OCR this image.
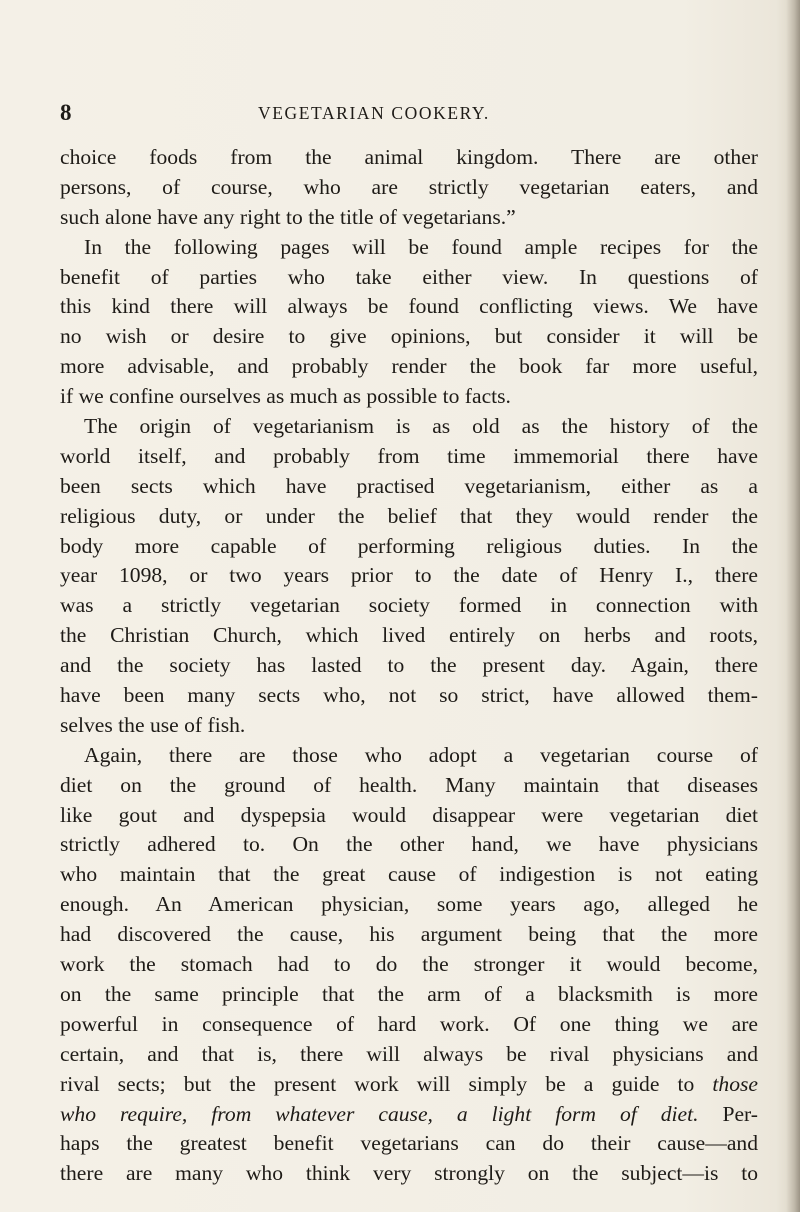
8	VEGETARIAN COOKERY.
choice foods from the animal kingdom. There are other
persons, of course, who are strictly vegetarian eaters, and
such alone have any right to the title of vegetarians.”
In the following pages will be found ample recipes for the
benefit of parties who take either view. In questions of
this kind there will always be found conflicting views. We have
no wish or desire to give opinions, but consider it will be
more advisable, and probably render the book far more useful,
if we confine ourselves as much as possible to facts.
The origin of vegetarianism is as old as the history of the
world itself, and probably from time immemorial there have
been sects which have practised vegetarianism, either as a
religious duty, or under the belief that they would render the
body more capable of performing religious duties. In the
year 1098, or two years prior to the date of Henry I., there
was a strictly vegetarian society formed in connection with
the Christian Church, which lived entirely on herbs and roots,
and the society has lasted to the present day. Again, there
have been many sects who, not so strict, have allowed them-
selves the use of fish.
Again, there are those who adopt a vegetarian course of
diet on the ground of health. Many maintain that diseases
like gout and dyspepsia would disappear were vegetarian diet
strictly adhered to. On the other hand, we have physicians
who maintain that the great cause of indigestion is not eating
enough. An American physician, some years ago, alleged he
had discovered the cause, his argument being that the more
work the stomach had to do the stronger it would become,
on the same principle that the arm of a blacksmith is more
powerful in consequence of hard work. Of one thing we are
certain, and that is, there will always be rival physicians and
rival sects; but the present work will simply be a guide to those
who require, from whatever cause, a light form of diet. Per-
haps the greatest benefit vegetarians can do their cause—and
there are many who think very strongly on the subject—is to
